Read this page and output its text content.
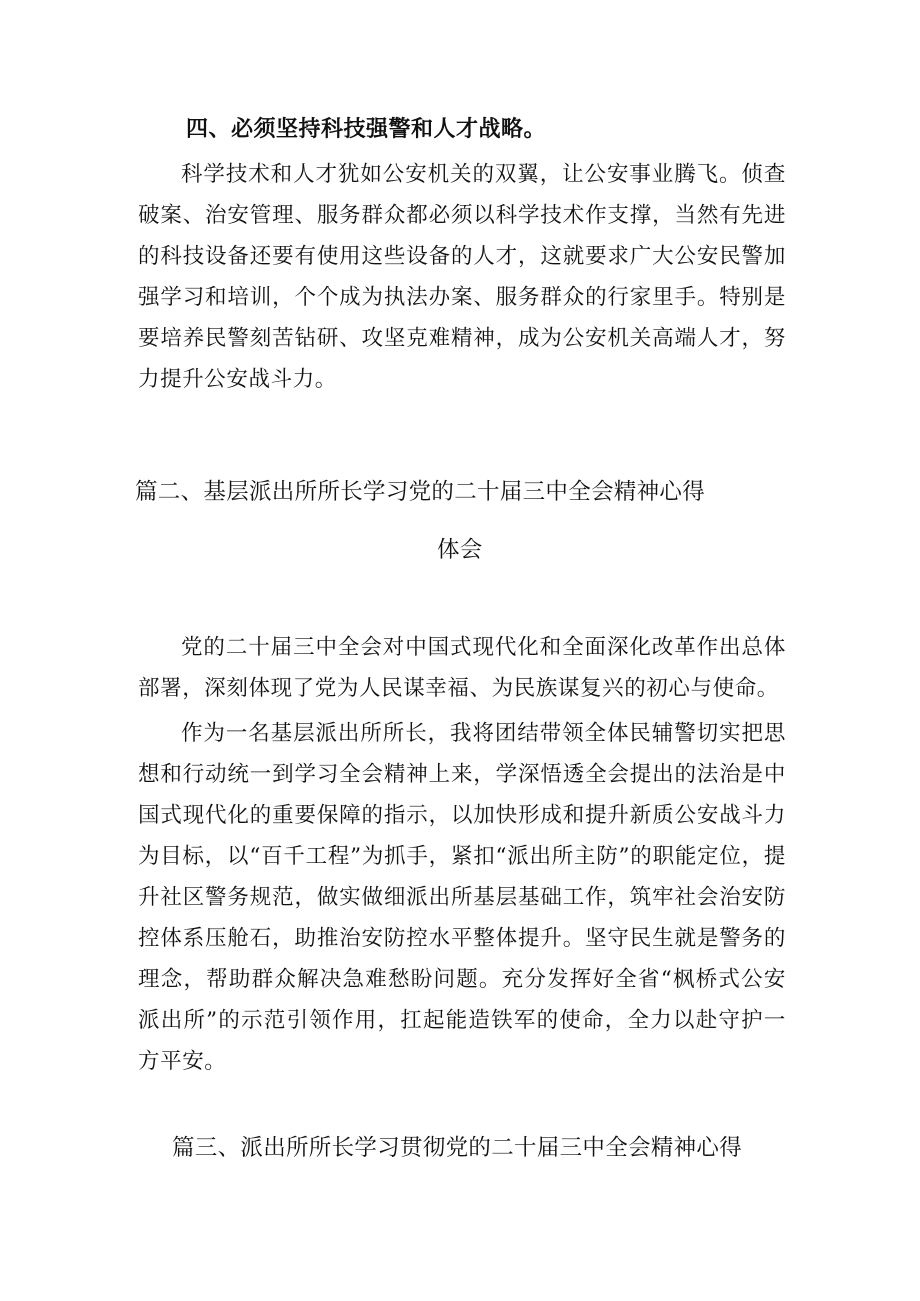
四、必须坚持科技强警和人才战略。

科学技术和人才犹如公安机关的双翼，让公安事业腾飞。侦查破案、治安管理、服务群众都必须以科学技术作支撑，当然有先进的科技设备还要有使用这些设备的人才，这就要求广大公安民警加强学习和培训，个个成为执法办案、服务群众的行家里手。特别是要培养民警刻苦钻研、攻坚克难精神，成为公安机关高端人才，努力提升公安战斗力。

篇二、基层派出所所长学习党的二十届三中全会精神心得
体会

党的二十届三中全会对中国式现代化和全面深化改革作出总体部署，深刻体现了党为人民谋幸福、为民族谋复兴的初心与使命。

作为一名基层派出所所长，我将团结带领全体民辅警切实把思想和行动统一到学习全会精神上来，学深悟透全会提出的法治是中国式现代化的重要保障的指示，以加快形成和提升新质公安战斗力为目标，以“百千工程”为抓手，紧扣“派出所主防”的职能定位，提升社区警务规范，做实做细派出所基层基础工作，筑牢社会治安防控体系压舱石，助推治安防控水平整体提升。坚守民生就是警务的理念，帮助群众解决急难愁盼问题。充分发挥好全省“枫桥式公安派出所”的示范引领作用，扛起能造铁军的使命，全力以赴守护一方平安。

篇三、派出所所长学习贯彻党的二十届三中全会精神心得
